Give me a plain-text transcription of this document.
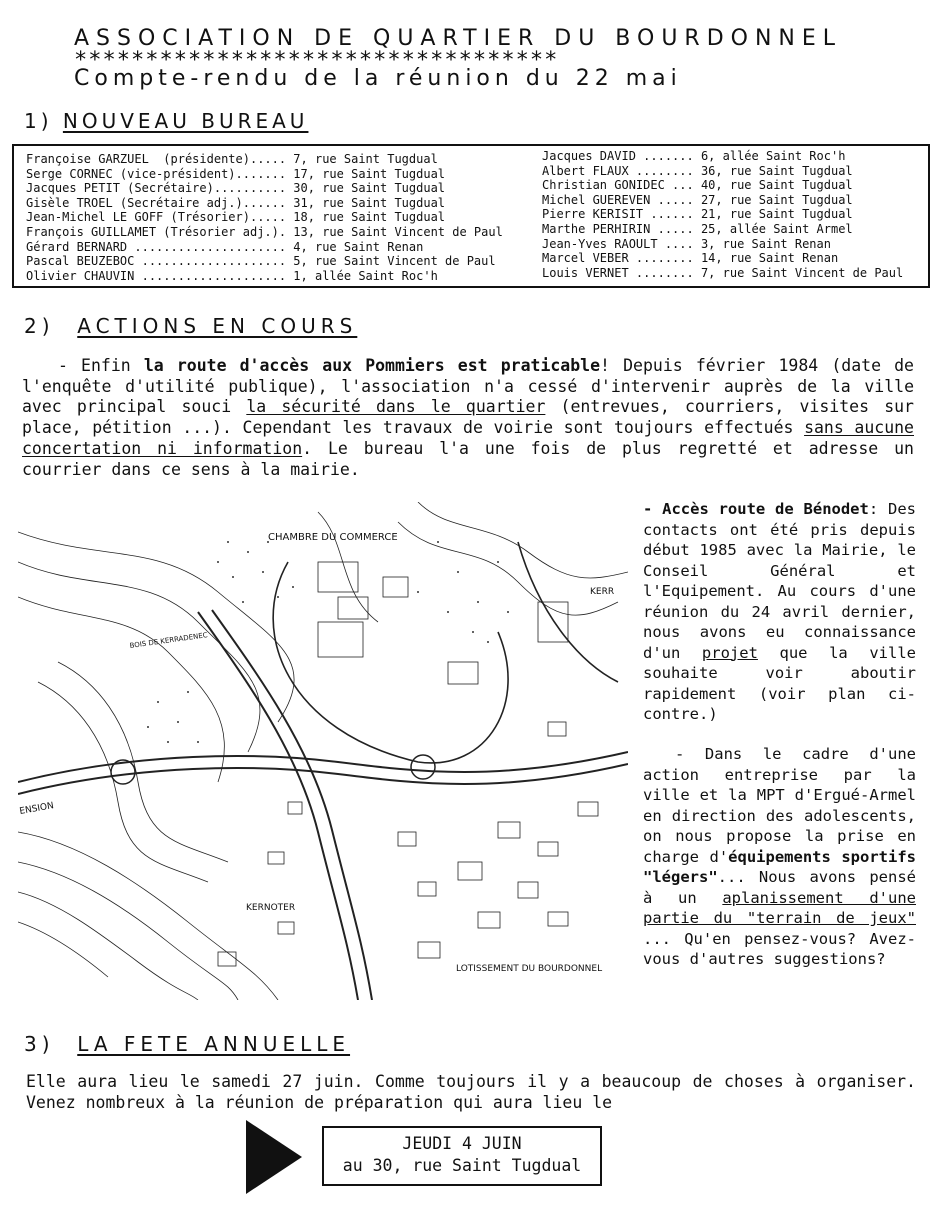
ASSOCIATION DE QUARTIER DU BOURDONNEL
**********************************
Compte-rendu de la réunion du 22 mai
1) NOUVEAU BUREAU
Françoise GARZUEL  (présidente)..... 7, rue Saint Tugdual
Serge CORNEC (vice-président)....... 17, rue Saint Tugdual
Jacques PETIT (Secrétaire).......... 30, rue Saint Tugdual
Gisèle TROEL (Secrétaire adj.)...... 31, rue Saint Tugdual
Jean-Michel LE GOFF (Trésorier)..... 18, rue Saint Tugdual
François GUILLAMET (Trésorier adj.). 13, rue Saint Vincent de Paul
Gérard BERNARD ..................... 4, rue Saint Renan
Pascal BEUZEBOC .................... 5, rue Saint Vincent de Paul
Olivier CHAUVIN .................... 1, allée Saint Roc'h
Jacques DAVID ....... 6, allée Saint Roc'h
Albert FLAUX ........ 36, rue Saint Tugdual
Christian GONIDEC ... 40, rue Saint Tugdual
Michel GUEREVEN ..... 27, rue Saint Tugdual
Pierre KERISIT ...... 21, rue Saint Tugdual
Marthe PERHIRIN ..... 25, allée Saint Armel
Jean-Yves RAOULT .... 3, rue Saint Renan
Marcel VEBER ........ 14, rue Saint Renan
Louis VERNET ........ 7, rue Saint Vincent de Paul
2) ACTIONS EN COURS
- Enfin la route d'accès aux Pommiers est praticable! Depuis février 1984 (date de l'enquête d'utilité publique), l'association n'a cessé d'intervenir auprès de la ville avec principal souci la sécurité dans le quartier (entrevues, courriers, visites sur place, pétition ...). Cependant les travaux de voirie sont toujours effectués sans aucune concertation ni information. Le bureau l'a une fois de plus regretté et adresse un courrier dans ce sens à la mairie.
CHAMBRE DU COMMERCE
BOIS DE KERRADENEC
KERR
ENSION
KERNOTER
LOTISSEMENT DU BOURDONNEL
- Accès route de Bénodet: Des contacts ont été pris depuis début 1985 avec la Mairie, le Conseil Général et l'Equipement. Au cours d'une réunion du 24 avril dernier, nous avons eu connaissance d'un projet que la ville souhaite voir aboutir rapidement (voir plan ci-contre.)
- Dans le cadre d'une action entreprise par la ville et la MPT d'Ergué-Armel en direction des adolescents, on nous propose la prise en charge d'équipements sportifs "légers"... Nous avons pensé à un aplanissement d'une partie du "terrain de jeux" ... Qu'en pensez-vous? Avez-vous d'autres suggestions?
3) LA FETE ANNUELLE
Elle aura lieu le samedi 27 juin. Comme toujours il y a beaucoup de choses à organiser. Venez nombreux à la réunion de préparation qui aura lieu le
JEUDI 4 JUIN
au 30, rue Saint Tugdual
